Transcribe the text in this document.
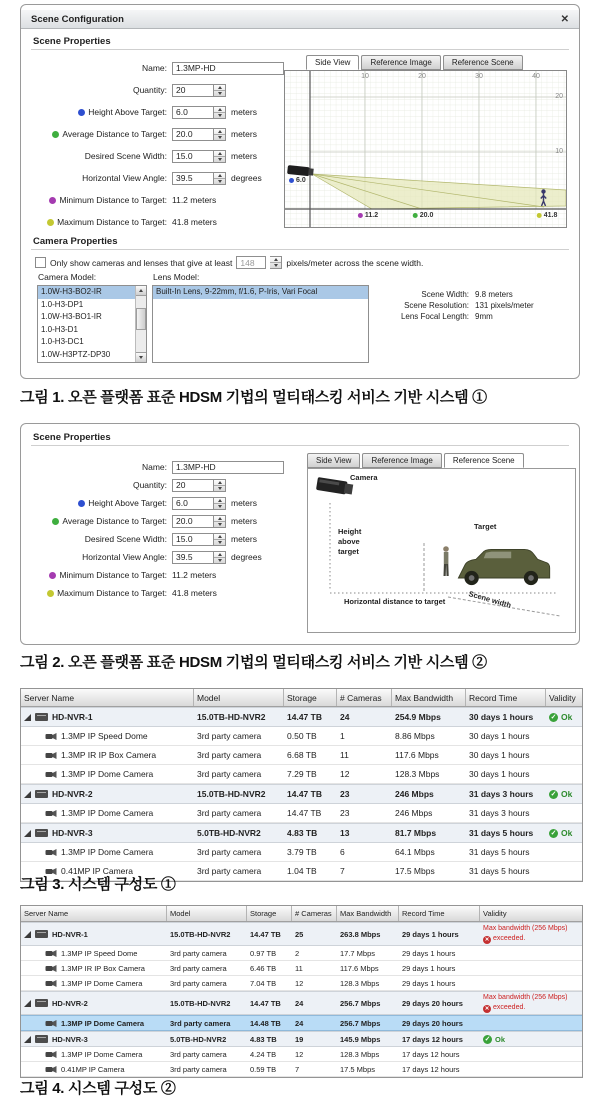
Scene Configuration	✕
Scene Properties
Name:	1.3MP-HD
Quantity:	20
Height Above Target:	6.0	meters
Average Distance to Target:	20.0	meters
Desired Scene Width:	15.0	meters
Horizontal View Angle:	39.5	degrees
Minimum Distance to Target: 11.2 meters
Maximum Distance to Target: 41.8 meters
Side View	Reference Image	Reference Scene
10	20	30	40
20
10
6.0
11.2	20.0	41.8
Camera Properties
Only show cameras and lenses that give at least 148	pixels/meter across the scene width.
Camera Model:	Lens Model:
1.0W-H3-BO2-IR
1.0-H3-DP1
1.0W-H3-BO1-IR
1.0-H3-D1
1.0-H3-DC1
1.0W-H3PTZ-DP30
Built-In Lens, 9-22mm, f/1.6, P-Iris, Vari Focal	Scene Width: 9.8 meters
Scene Resolution: 131 pixels/meter
Lens Focal Length: 9mm
그림 1. 오픈 플랫폼 표준 HDSM 기법의 멀티태스킹 서비스 기반 시스템 ①
Scene Properties
Name:	1.3MP-HD
Quantity:	20
Height Above Target:	6.0	meters
Average Distance to Target:	20.0	meters
Desired Scene Width:	15.0	meters
Horizontal View Angle:	39.5	degrees
Minimum Distance to Target: 11.2 meters
Maximum Distance to Target: 41.8 meters
Side View	Reference Image	Reference Scene
Camera
Height above target
Target
Horizontal distance to target	Scene width
그림 2. 오픈 플랫폼 표준 HDSM 기법의 멀티태스킹 서비스 기반 시스템 ②
Server Name	Model	Storage	# Cameras	Max Bandwidth	Record Time	Validity
HD-NVR-1	15.0TB-HD-NVR2	14.47 TB	24	254.9 Mbps	30 days 1 hours	✓ Ok
1.3MP IP Speed Dome	3rd party camera	0.50 TB	1	8.86 Mbps	30 days 1 hours
1.3MP IR IP Box Camera	3rd party camera	6.68 TB	11	117.6 Mbps	30 days 1 hours
1.3MP IP Dome Camera	3rd party camera	7.29 TB	12	128.3 Mbps	30 days 1 hours
HD-NVR-2	15.0TB-HD-NVR2	14.47 TB	23	246 Mbps	31 days 3 hours	✓ Ok
1.3MP IP Dome Camera	3rd party camera	14.47 TB	23	246 Mbps	31 days 3 hours
HD-NVR-3	5.0TB-HD-NVR2	4.83 TB	13	81.7 Mbps	31 days 5 hours	✓ Ok
1.3MP IP Dome Camera	3rd party camera	3.79 TB	6	64.1 Mbps	31 days 5 hours
0.41MP IP Camera	3rd party camera	1.04 TB	7	17.5 Mbps	31 days 5 hours
그림 3. 시스템 구성도 ①
Server Name	Model	Storage	# Cameras	Max Bandwidth	Record Time	Validity
HD-NVR-1	15.0TB-HD-NVR2	14.47 TB	25	263.8 Mbps	29 days 1 hours
Max bandwidth (256 Mbps)
✕ exceeded.
1.3MP IP Speed Dome	3rd party camera	0.97 TB	2	17.7 Mbps	29 days 1 hours
1.3MP IR IP Box Camera	3rd party camera	6.46 TB	11	117.6 Mbps	29 days 1 hours
1.3MP IP Dome Camera	3rd party camera	7.04 TB	12	128.3 Mbps	29 days 1 hours
HD-NVR-2	15.0TB-HD-NVR2	14.47 TB	24	256.7 Mbps	29 days 20 hours
Max bandwidth (256 Mbps)
✕ exceeded.
1.3MP IP Dome Camera	3rd party camera	14.48 TB	24	256.7 Mbps	29 days 20 hours
HD-NVR-3	5.0TB-HD-NVR2	4.83 TB	19	145.9 Mbps	17 days 12 hours	✓ Ok
1.3MP IP Dome Camera	3rd party camera	4.24 TB	12	128.3 Mbps	17 days 12 hours
0.41MP IP Camera	3rd party camera	0.59 TB	7	17.5 Mbps	17 days 12 hours
그림 4. 시스템 구성도 ②
